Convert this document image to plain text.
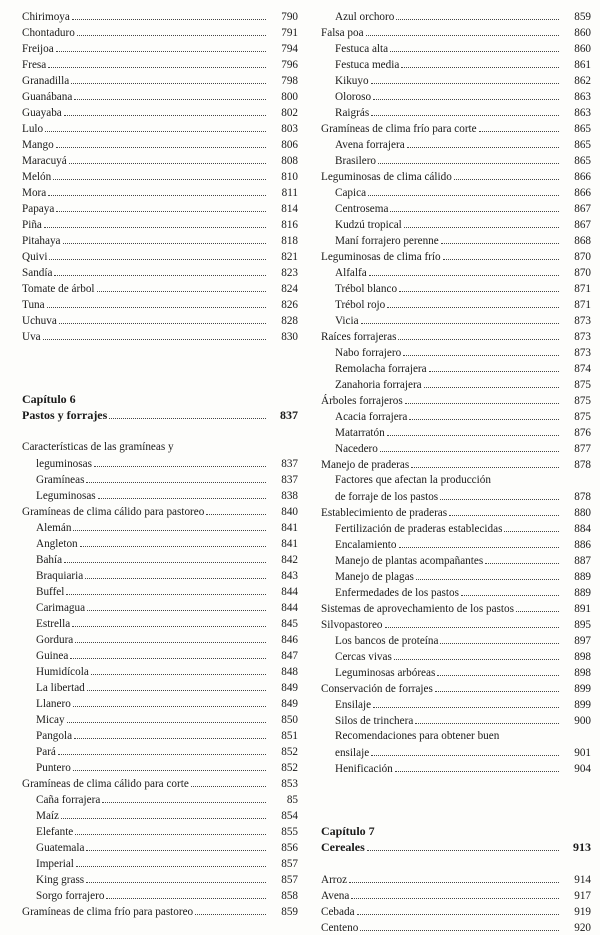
Chirimoya	790
Chontaduro	791
Freijoa	794
Fresa	796
Granadilla	798
Guanábana	800
Guayaba	802
Lulo	803
Mango	806
Maracuyá	808
Melón	810
Mora	811
Papaya	814
Piña	816
Pitahaya	818
Quivi	821
Sandía	823
Tomate de árbol	824
Tuna	826
Uchuva	828
Uva	830
Capítulo 6
Pastos y forrajes	837
Características de las gramíneas y
leguminosas	837
Gramíneas	837
Leguminosas	838
Gramíneas de clima cálido para pastoreo	840
Alemán	841
Angleton	841
Bahía	842
Braquiaria	843
Buffel	844
Carimagua	844
Estrella	845
Gordura	846
Guinea	847
Humidícola	848
La libertad	849
Llanero	849
Micay	850
Pangola	851
Pará	852
Puntero	852
Gramíneas de clima cálido para corte	853
Caña forrajera	85
Maíz	854
Elefante	855
Guatemala	856
Imperial	857
King grass	857
Sorgo forrajero	858
Gramíneas de clima frío para pastoreo	859
Azul orchoro	859
Falsa poa	860
Festuca alta	860
Festuca media	861
Kikuyo	862
Oloroso	863
Raigrás	863
Gramíneas de clima frío para corte	865
Avena forrajera	865
Brasilero	865
Leguminosas de clima cálido	866
Capica	866
Centrosema	867
Kudzú tropical	867
Maní forrajero perenne	868
Leguminosas de clima frío	870
Alfalfa	870
Trébol blanco	871
Trébol rojo	871
Vicia	873
Raíces forrajeras	873
Nabo forrajero	873
Remolacha forrajera	874
Zanahoria forrajera	875
Árboles forrajeros	875
Acacia forrajera	875
Matarratón	876
Nacedero	877
Manejo de praderas	878
Factores que afectan la producción
de forraje de los pastos	878
Establecimiento de praderas	880
Fertilización de praderas establecidas	884
Encalamiento	886
Manejo de plantas acompañantes	887
Manejo de plagas	889
Enfermedades de los pastos	889
Sistemas de aprovechamiento de los pastos	891
Silvopastoreo	895
Los bancos de proteína	897
Cercas vivas	898
Leguminosas arbóreas	898
Conservación de forrajes	899
Ensilaje	899
Silos de trinchera	900
Recomendaciones para obtener buen
ensilaje	901
Henificación	904
Capítulo 7
Cereales	913
Arroz	914
Avena	917
Cebada	919
Centeno	920
